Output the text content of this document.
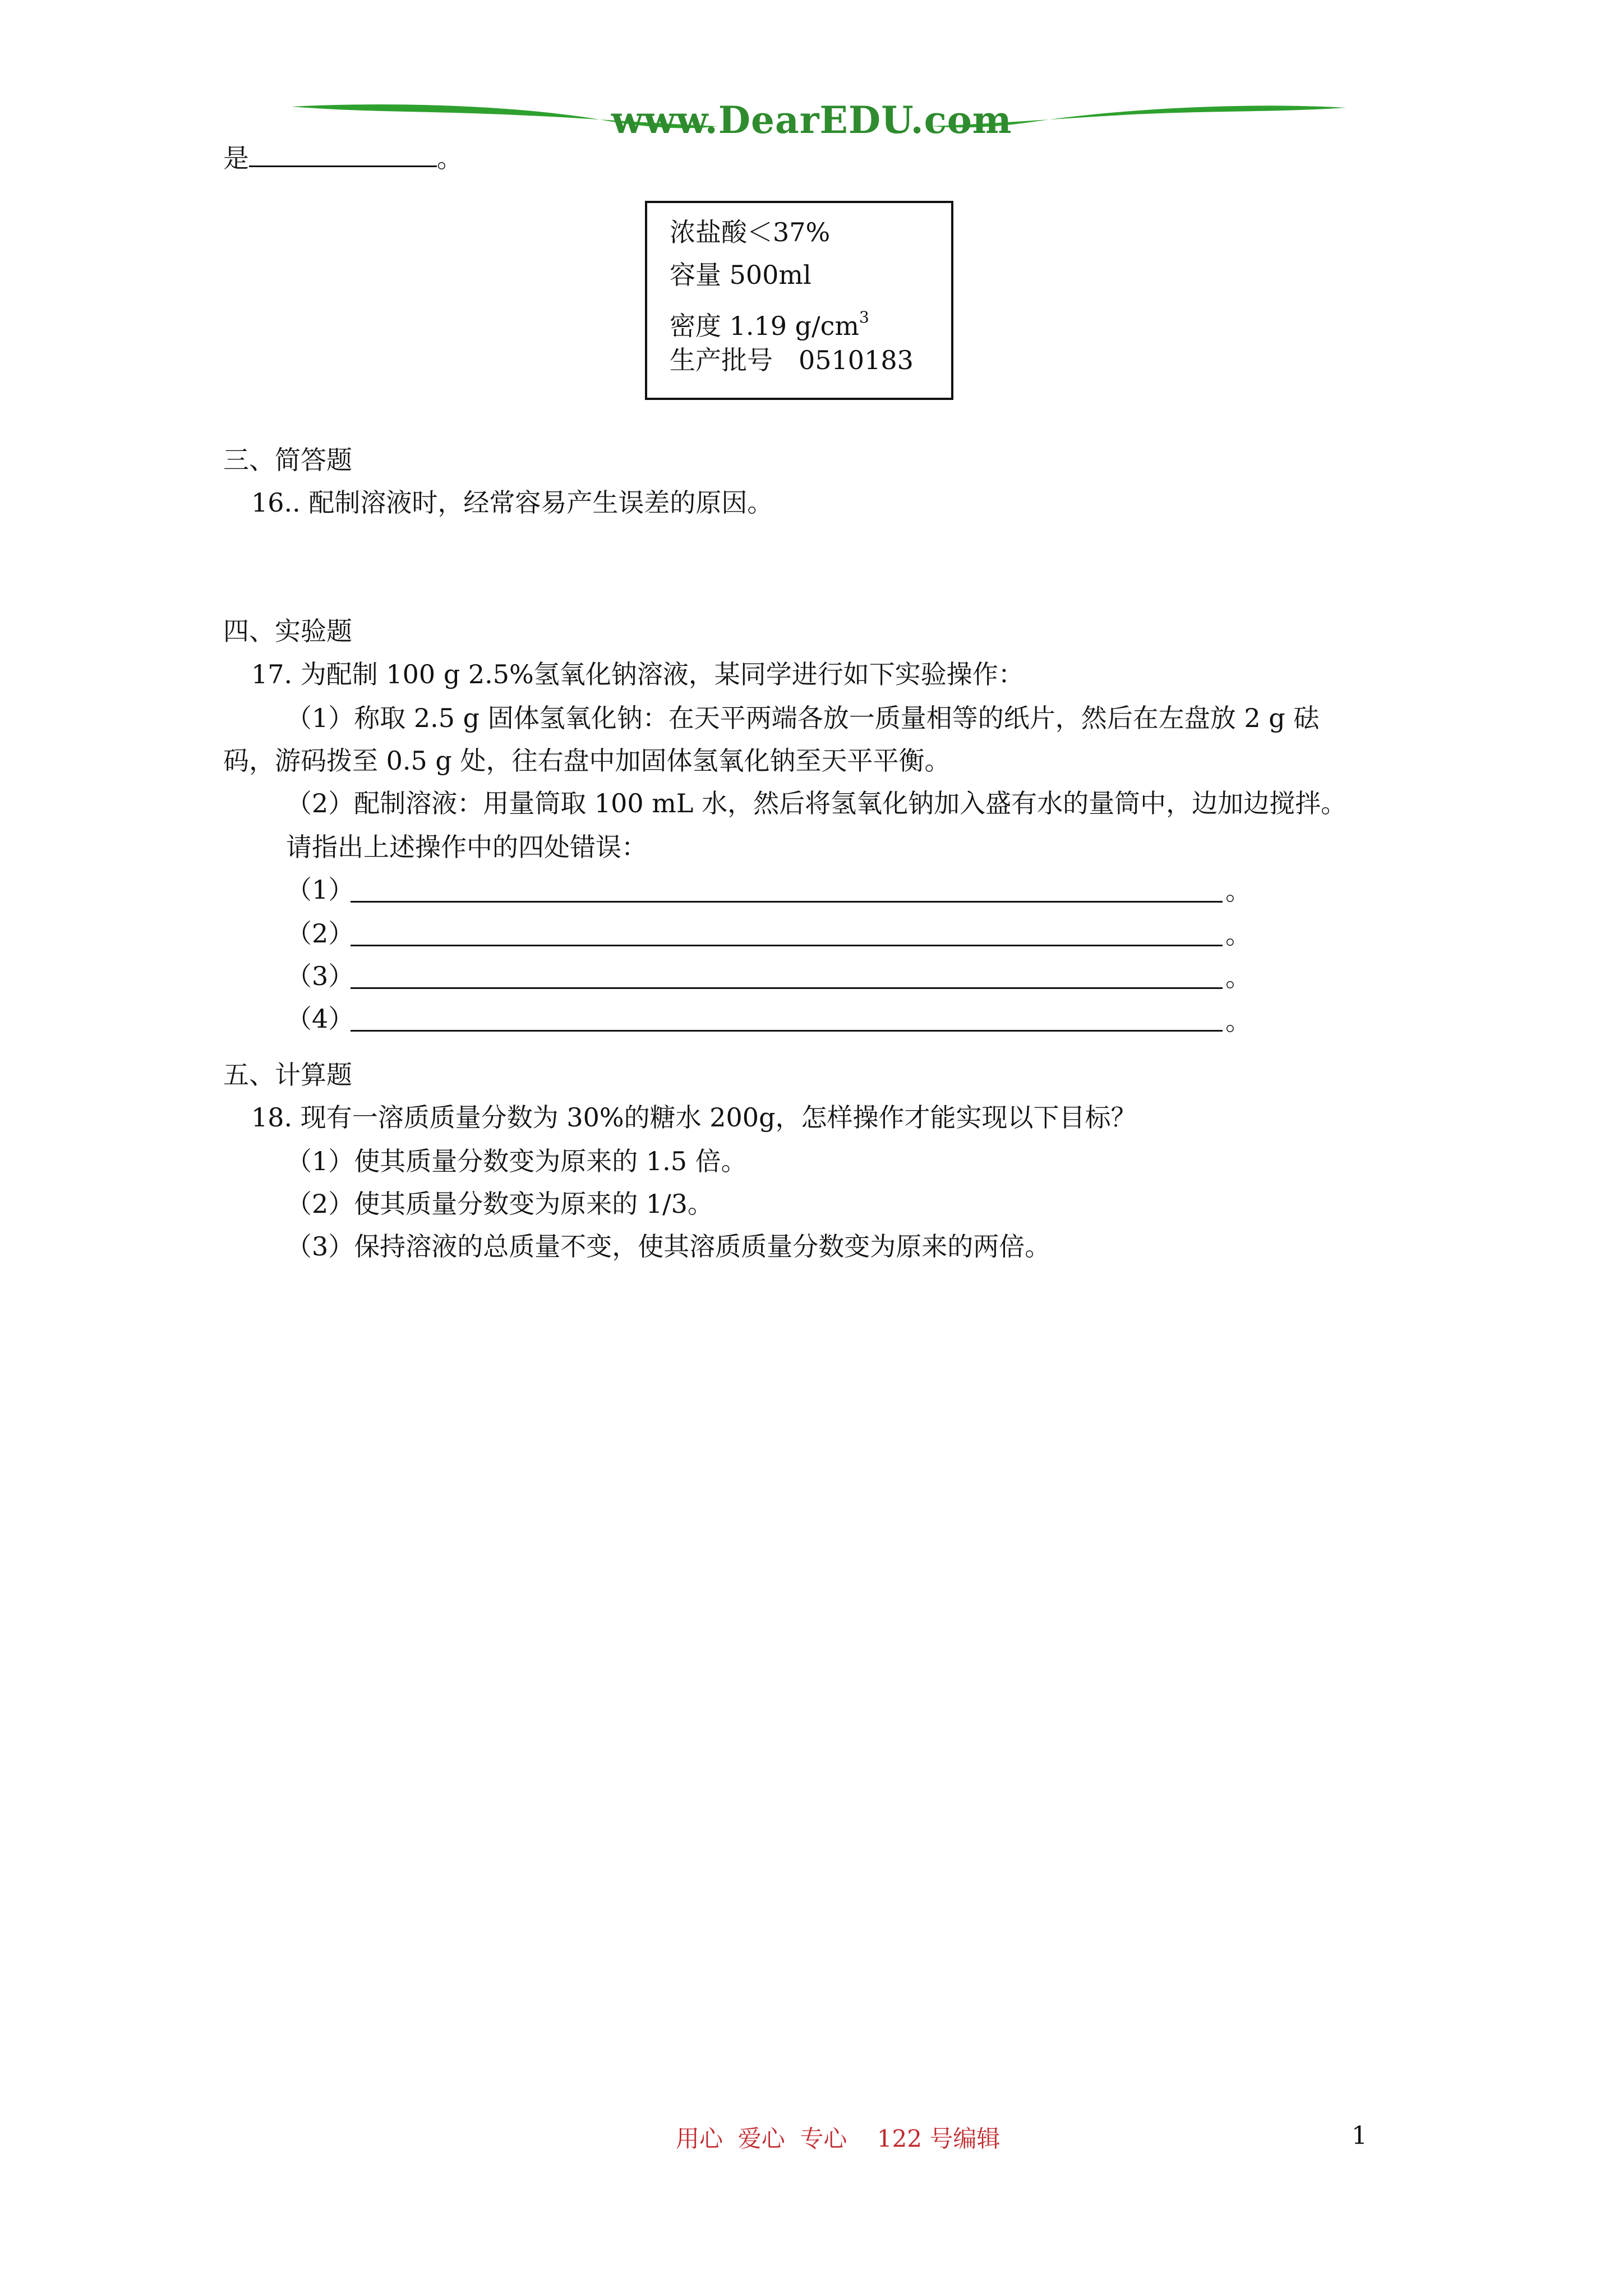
www.DearEDU.com
是	。
浓盐酸＜37%
容量 500ml
密度 1.19 $g/cm^3$
生产批号　0510183
三、简答题
16.. 配制溶液时，经常容易产生误差的原因。
四、实验题
17. 为配制 100 g 2.5%氢氧化钠溶液，某同学进行如下实验操作：
（1）称取 2.5 g 固体氢氧化钠：在天平两端各放一质量相等的纸片，然后在左盘放 2 g 砝
码，游码拨至 0.5 g 处，往右盘中加固体氢氧化钠至天平平衡。
（2）配制溶液：用量筒取 100 mL 水，然后将氢氧化钠加入盛有水的量筒中，边加边搅拌。
请指出上述操作中的四处错误：
（1）	。
（2）	。
（3）	。
（4）	。
五、计算题
18. 现有一溶质质量分数为 30%的糖水 200g，怎样操作才能实现以下目标？
（1）使其质量分数变为原来的 1.5 倍。
（2）使其质量分数变为原来的 1/3。
（3）保持溶液的总质量不变，使其溶质质量分数变为原来的两倍。
用心  爱心  专心    122 号编辑	1
